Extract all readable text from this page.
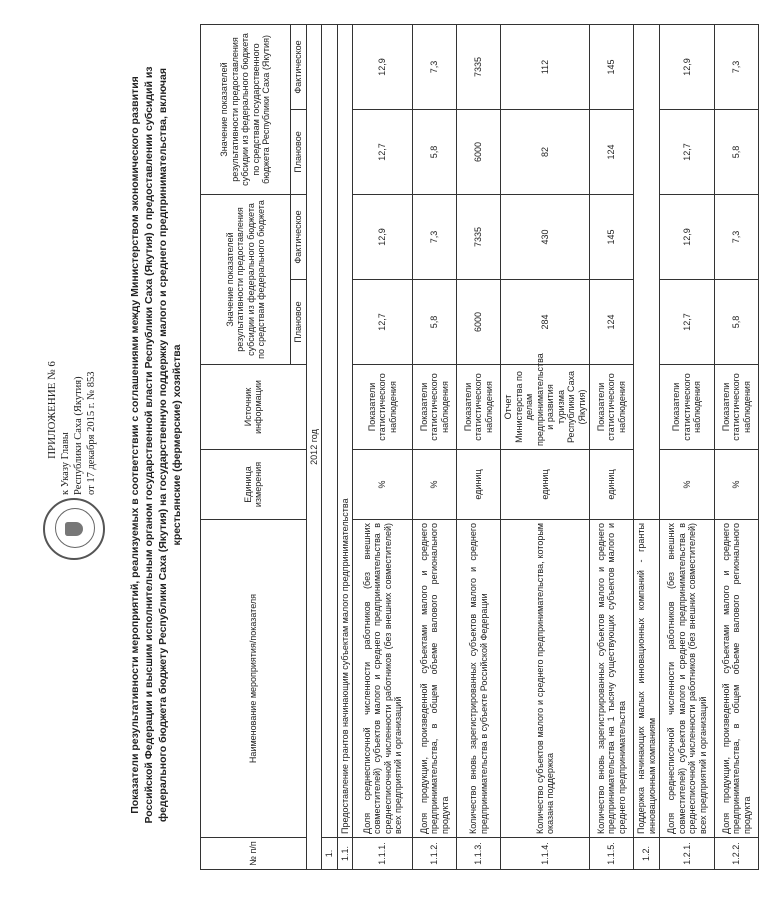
ПРИЛОЖЕНИЕ № 6
к Указу Главы Республики Саха (Якутия) от 17 декабря 2015 г. № 853	Показатели результативности мероприятий, реализуемых в соответствии с соглашениями между Министерством экономического развития Российской Федерации и высшим исполнительным органом государственной власти Республики Саха (Якутия) о предоставлении субсидий из федерального бюджета бюджету Республики Саха (Якутия) на государственную поддержку малого и среднего предпринимательства, включая крестьянские (фермерские) хозяйства
№ п/п	Наименование мероприятия/показателя	Единица измерения	Источник информации	Значение показателей результативности предоставления субсидии из федерального бюджета по средствам федерального бюджета		Значение показателей результативности предоставления субсидии из федерального бюджета по средствам государственного бюджета Республики Саха (Якутия)	
				Плановое	Фактическое	Плановое	Фактическое
2012 год							
1.							
1.1.	Предоставление грантов начинающим субъектам малого предпринимательства						
1.1.1.	Доля среднесписочной численности работников (без внешних совместителей) субъектов малого и среднего предпринимательства в среднесписочной численности работников (без внешних совместителей) всех предприятий и организаций	%	Показатели статистического наблюдения	12,7	12,9	12,7	12,9
1.1.2.	Доля продукции, произведенной субъектами малого и среднего предпринимательства, в общем объеме валового регионального продукта	%	Показатели статистического наблюдения	5,8	7,3	5,8	7,3
1.1.3.	Количество вновь зарегистрированных субъектов малого и среднего предпринимательства в субъекте Российской Федерации	единиц	Показатели статистического наблюдения	6000	7335	6000	7335
1.1.4.	Количество субъектов малого и среднего предпринимательства, которым оказана поддержка	единиц	Отчет Министерства по делам предпринимательства и развития туризма Республики Саха (Якутия)	284	430	82	112
1.1.5.	Количество вновь зарегистрированных субъектов малого и среднего предпринимательства на 1 тысячу существующих субъектов малого и среднего предпринимательства	единиц	Показатели статистического наблюдения	124	145	124	145
1.2.	Поддержка начинающих малых инновационных компаний - гранты инновационным компаниям						
1.2.1.	Доля среднесписочной численности работников (без внешних совместителей) субъектов малого и среднего предпринимательства в среднесписочной численности работников (без внешних совместителей) всех предприятий и организаций	%	Показатели статистического наблюдения	12,7	12,9	12,7	12,9
1.2.2.	Доля продукции, произведенной субъектами малого и среднего предпринимательства, в общем объеме валового регионального продукта	%	Показатели статистического наблюдения	5,8	7,3	5,8	7,3
